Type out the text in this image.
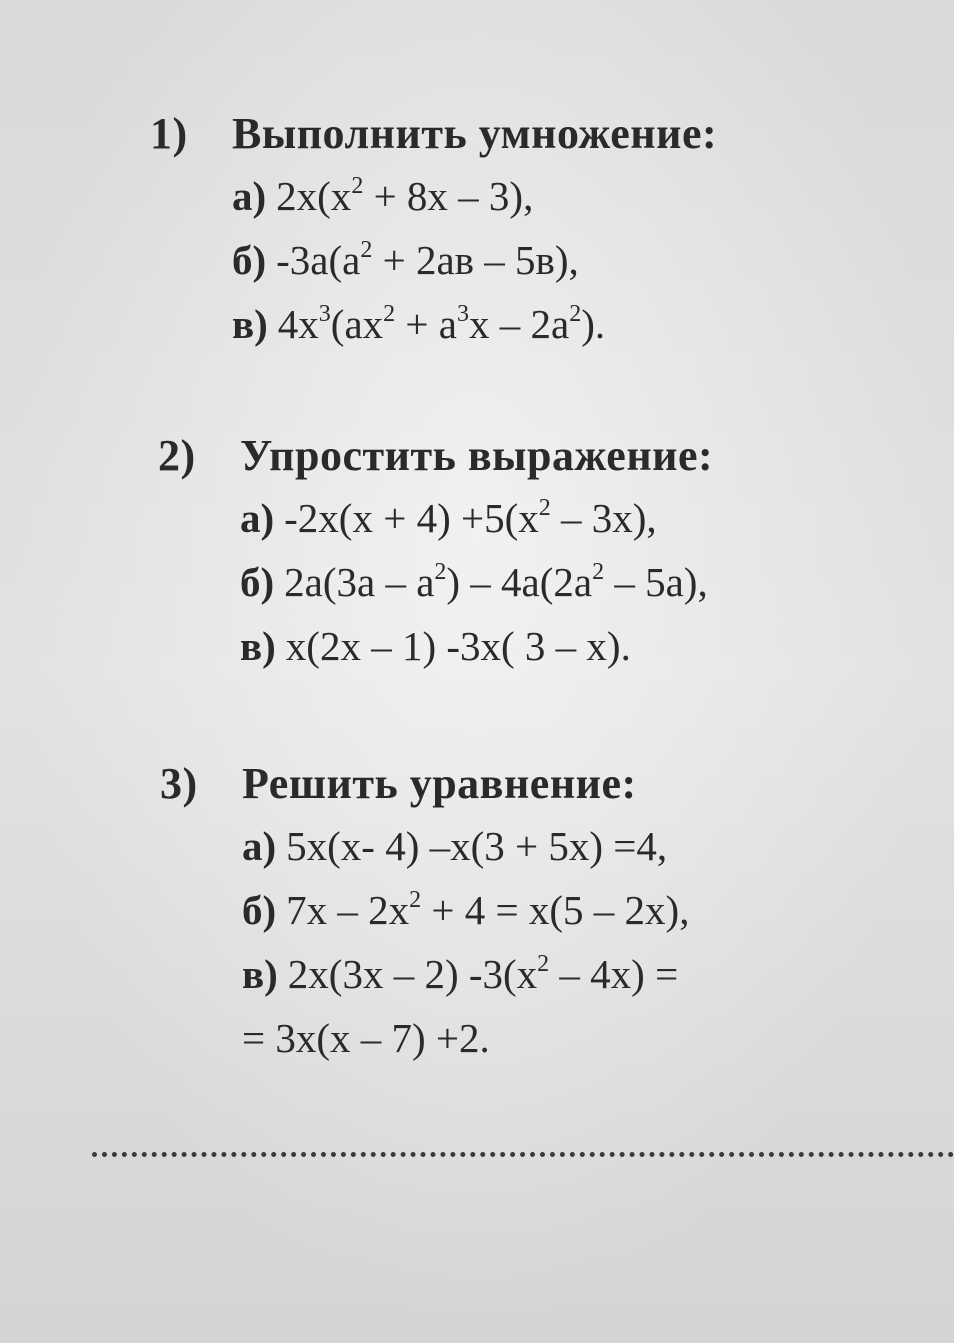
1)	Выполнить умножение:
а) $2x(x^2 + 8x - 3)$,
б) $-3a(a^2 + 2aв - 5в)$,
в) $4x^3(ax^2 + a^3x - 2a^2)$.
2)	Упростить выражение:
а) $-2x(x + 4) +5(x^2 - 3x)$,
б) $2a(3a - a^2) - 4a(2a^2 - 5a)$,
в) x(2x – 1) -3x( 3 – x).
3)	Решить уравнение:
а) 5x(x- 4) –x(3 + 5x) =4,
б) $7x - 2x^2 + 4 = x(5 - 2x)$,
в) 2x(3x – 2) $-3(x^2 - 4x)$ =
= 3x(x – 7) +2.
